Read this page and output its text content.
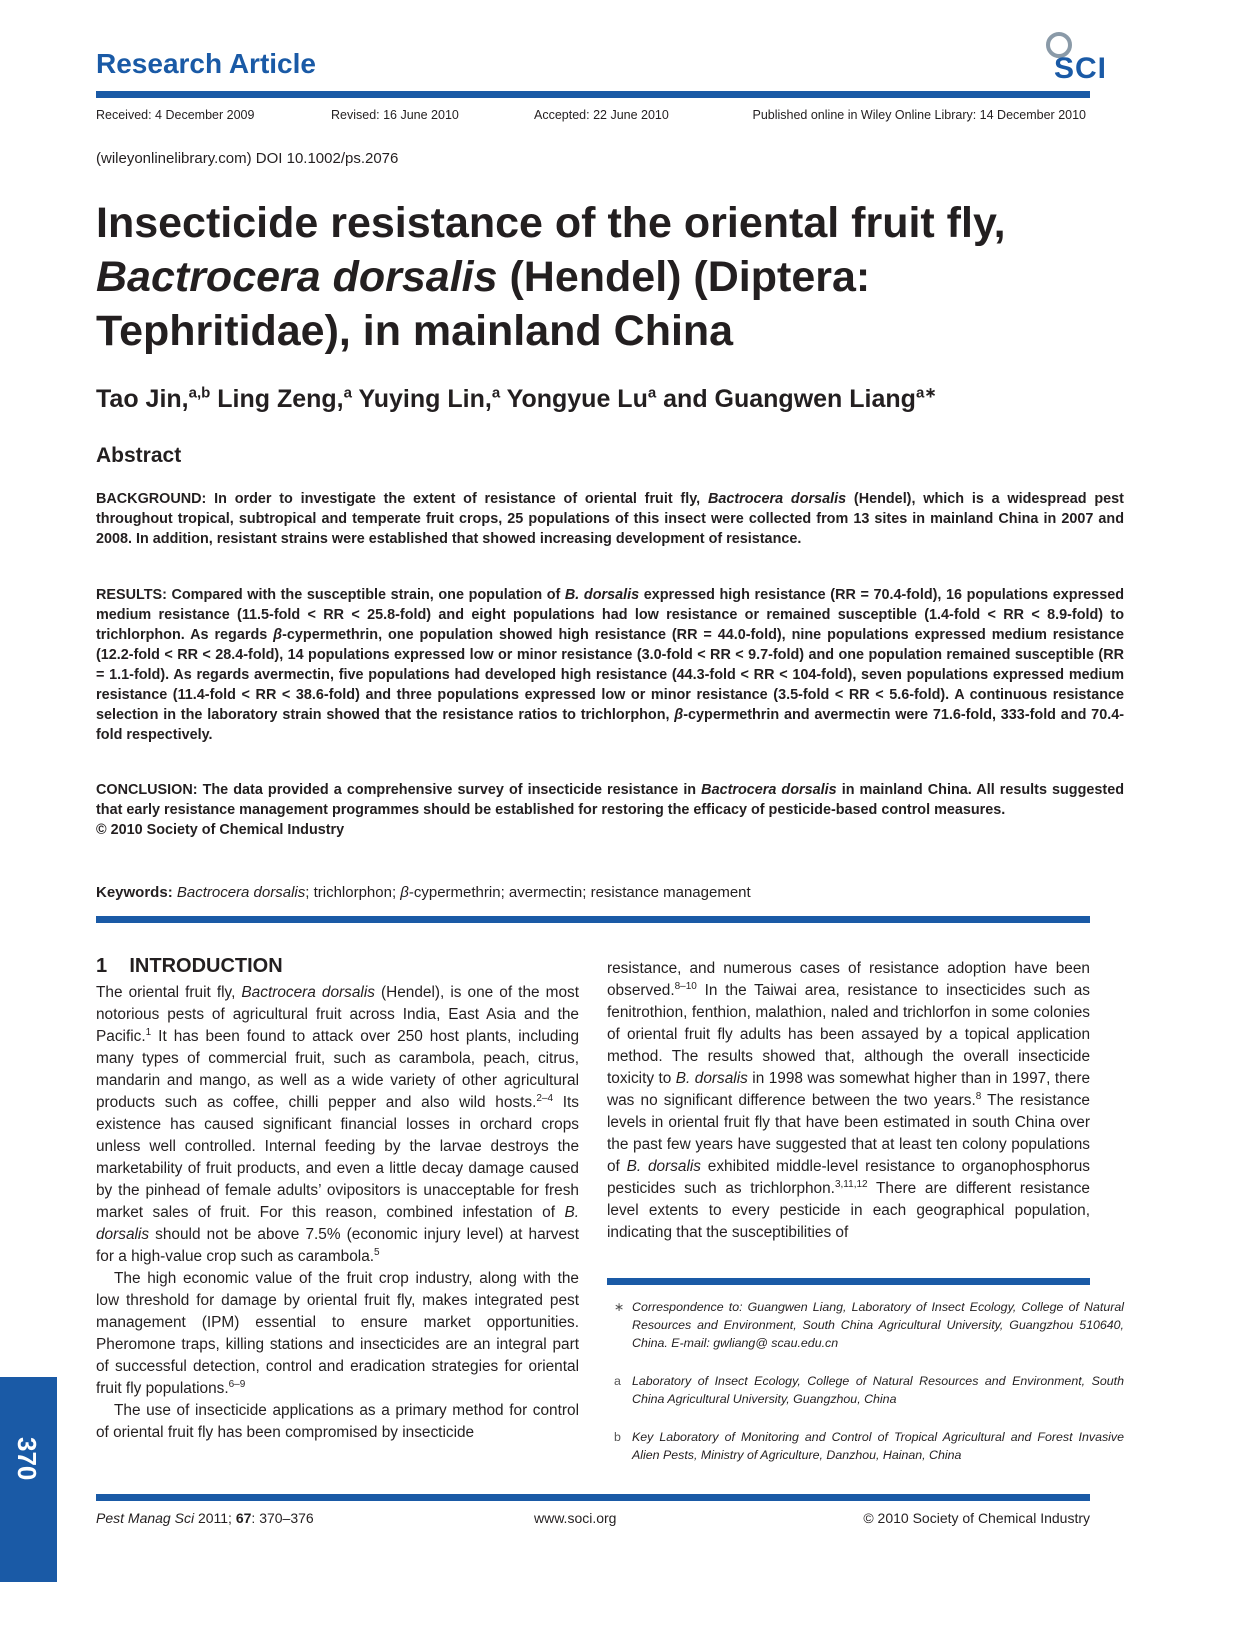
Research Article	SCI
Received: 4 December 2009	Revised: 16 June 2010	Accepted: 22 June 2010	Published online in Wiley Online Library: 14 December 2010
(wileyonlinelibrary.com) DOI 10.1002/ps.2076
Insecticide resistance of the oriental fruit fly,
Bactrocera dorsalis (Hendel) (Diptera:
Tephritidae), in mainland China
Tao Jin,$^{a,b}$ Ling Zeng,$^a$ Yuying Lin,$^a$ Yongyue Lu$^a$ and Guangwen Liang$^{a∗}$
Abstract
BACKGROUND: In order to investigate the extent of resistance of oriental fruit fly, Bactrocera dorsalis (Hendel), which is a widespread pest throughout tropical, subtropical and temperate fruit crops, 25 populations of this insect were collected from 13 sites in mainland China in 2007 and 2008. In addition, resistant strains were established that showed increasing development of resistance.
RESULTS: Compared with the susceptible strain, one population of B. dorsalis expressed high resistance (RR = 70.4-fold), 16 populations expressed medium resistance (11.5-fold < RR < 25.8-fold) and eight populations had low resistance or remained susceptible (1.4-fold < RR < 8.9-fold) to trichlorphon. As regards β-cypermethrin, one population showed high resistance (RR = 44.0-fold), nine populations expressed medium resistance (12.2-fold < RR < 28.4-fold), 14 populations expressed low or minor resistance (3.0-fold < RR < 9.7-fold) and one population remained susceptible (RR = 1.1-fold). As regards avermectin, five populations had developed high resistance (44.3-fold < RR < 104-fold), seven populations expressed medium resistance (11.4-fold < RR < 38.6-fold) and three populations expressed low or minor resistance (3.5-fold < RR < 5.6-fold). A continuous resistance selection in the laboratory strain showed that the resistance ratios to trichlorphon, β-cypermethrin and avermectin were 71.6-fold, 333-fold and 70.4-fold respectively.
CONCLUSION: The data provided a comprehensive survey of insecticide resistance in Bactrocera dorsalis in mainland China. All results suggested that early resistance management programmes should be established for restoring the efficacy of pesticide-based control measures.
© 2010 Society of Chemical Industry
Keywords: Bactrocera dorsalis; trichlorphon; β-cypermethrin; avermectin; resistance management
1    INTRODUCTION

The oriental fruit fly, Bactrocera dorsalis (Hendel), is one of the most notorious pests of agricultural fruit across India, East Asia and the Pacific.$^1$ It has been found to attack over 250 host plants, including many types of commercial fruit, such as carambola, peach, citrus, mandarin and mango, as well as a wide variety of other agricultural products such as coffee, chilli pepper and also wild hosts.$^{2-4}$ Its existence has caused significant financial losses in orchard crops unless well controlled. Internal feeding by the larvae destroys the marketability of fruit products, and even a little decay damage caused by the pinhead of female adults’ ovipositors is unacceptable for fresh market sales of fruit. For this reason, combined infestation of B. dorsalis should not be above 7.5% (economic injury level) at harvest for a high-value crop such as carambola.$^5$

The high economic value of the fruit crop industry, along with the low threshold for damage by oriental fruit fly, makes integrated pest management (IPM) essential to ensure market opportunities. Pheromone traps, killing stations and insecticides are an integral part of successful detection, control and eradication strategies for oriental fruit fly populations.$^{6-9}$

The use of insecticide applications as a primary method for control of oriental fruit fly has been compromised by insecticide

resistance, and numerous cases of resistance adoption have been observed.$^{8-10}$ In the Taiwai area, resistance to insecticides such as fenitrothion, fenthion, malathion, naled and trichlorfon in some colonies of oriental fruit fly adults has been assayed by a topical application method. The results showed that, although the overall insecticide toxicity to B. dorsalis in 1998 was somewhat higher than in 1997, there was no significant difference between the two years.$^8$ The resistance levels in oriental fruit fly that have been estimated in south China over the past few years have suggested that at least ten colony populations of B. dorsalis exhibited middle-level resistance to organophosphorus pesticides such as trichlorphon.$^{3,11,12}$ There are different resistance level extents to every pesticide in each geographical population, indicating that the susceptibilities of

∗ Correspondence to: Guangwen Liang, Laboratory of Insect Ecology, College of Natural Resources and Environment, South China Agricultural University, Guangzhou 510640, China. E-mail: gwliang@ scau.edu.cn
a Laboratory of Insect Ecology, College of Natural Resources and Environment, South China Agricultural University, Guangzhou, China
b Key Laboratory of Monitoring and Control of Tropical Agricultural and Forest Invasive Alien Pests, Ministry of Agriculture, Danzhou, Hainan, China
370
Pest Manag Sci 2011; 67: 370–376	www.soci.org	© 2010 Society of Chemical Industry
